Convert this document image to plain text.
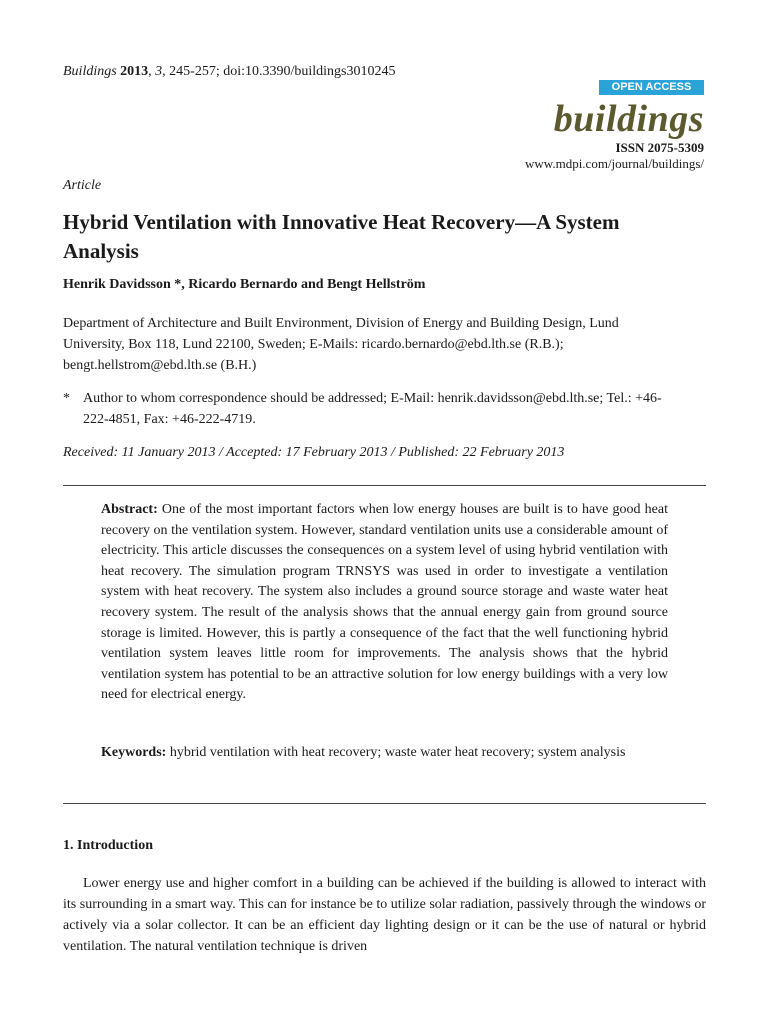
Buildings 2013, 3, 245-257; doi:10.3390/buildings3010245
OPEN ACCESS
buildings
ISSN 2075-5309
www.mdpi.com/journal/buildings/
Article
Hybrid Ventilation with Innovative Heat Recovery—A System Analysis
Henrik Davidsson *, Ricardo Bernardo and Bengt Hellström
Department of Architecture and Built Environment, Division of Energy and Building Design, Lund University, Box 118, Lund 22100, Sweden; E-Mails: ricardo.bernardo@ebd.lth.se (R.B.); bengt.hellstrom@ebd.lth.se (B.H.)
* Author to whom correspondence should be addressed; E-Mail: henrik.davidsson@ebd.lth.se; Tel.: +46-222-4851, Fax: +46-222-4719.
Received: 11 January 2013 / Accepted: 17 February 2013 / Published: 22 February 2013
Abstract: One of the most important factors when low energy houses are built is to have good heat recovery on the ventilation system. However, standard ventilation units use a considerable amount of electricity. This article discusses the consequences on a system level of using hybrid ventilation with heat recovery. The simulation program TRNSYS was used in order to investigate a ventilation system with heat recovery. The system also includes a ground source storage and waste water heat recovery system. The result of the analysis shows that the annual energy gain from ground source storage is limited. However, this is partly a consequence of the fact that the well functioning hybrid ventilation system leaves little room for improvements. The analysis shows that the hybrid ventilation system has potential to be an attractive solution for low energy buildings with a very low need for electrical energy.
Keywords: hybrid ventilation with heat recovery; waste water heat recovery; system analysis
1. Introduction
Lower energy use and higher comfort in a building can be achieved if the building is allowed to interact with its surrounding in a smart way. This can for instance be to utilize solar radiation, passively through the windows or actively via a solar collector. It can be an efficient day lighting design or it can be the use of natural or hybrid ventilation. The natural ventilation technique is driven
